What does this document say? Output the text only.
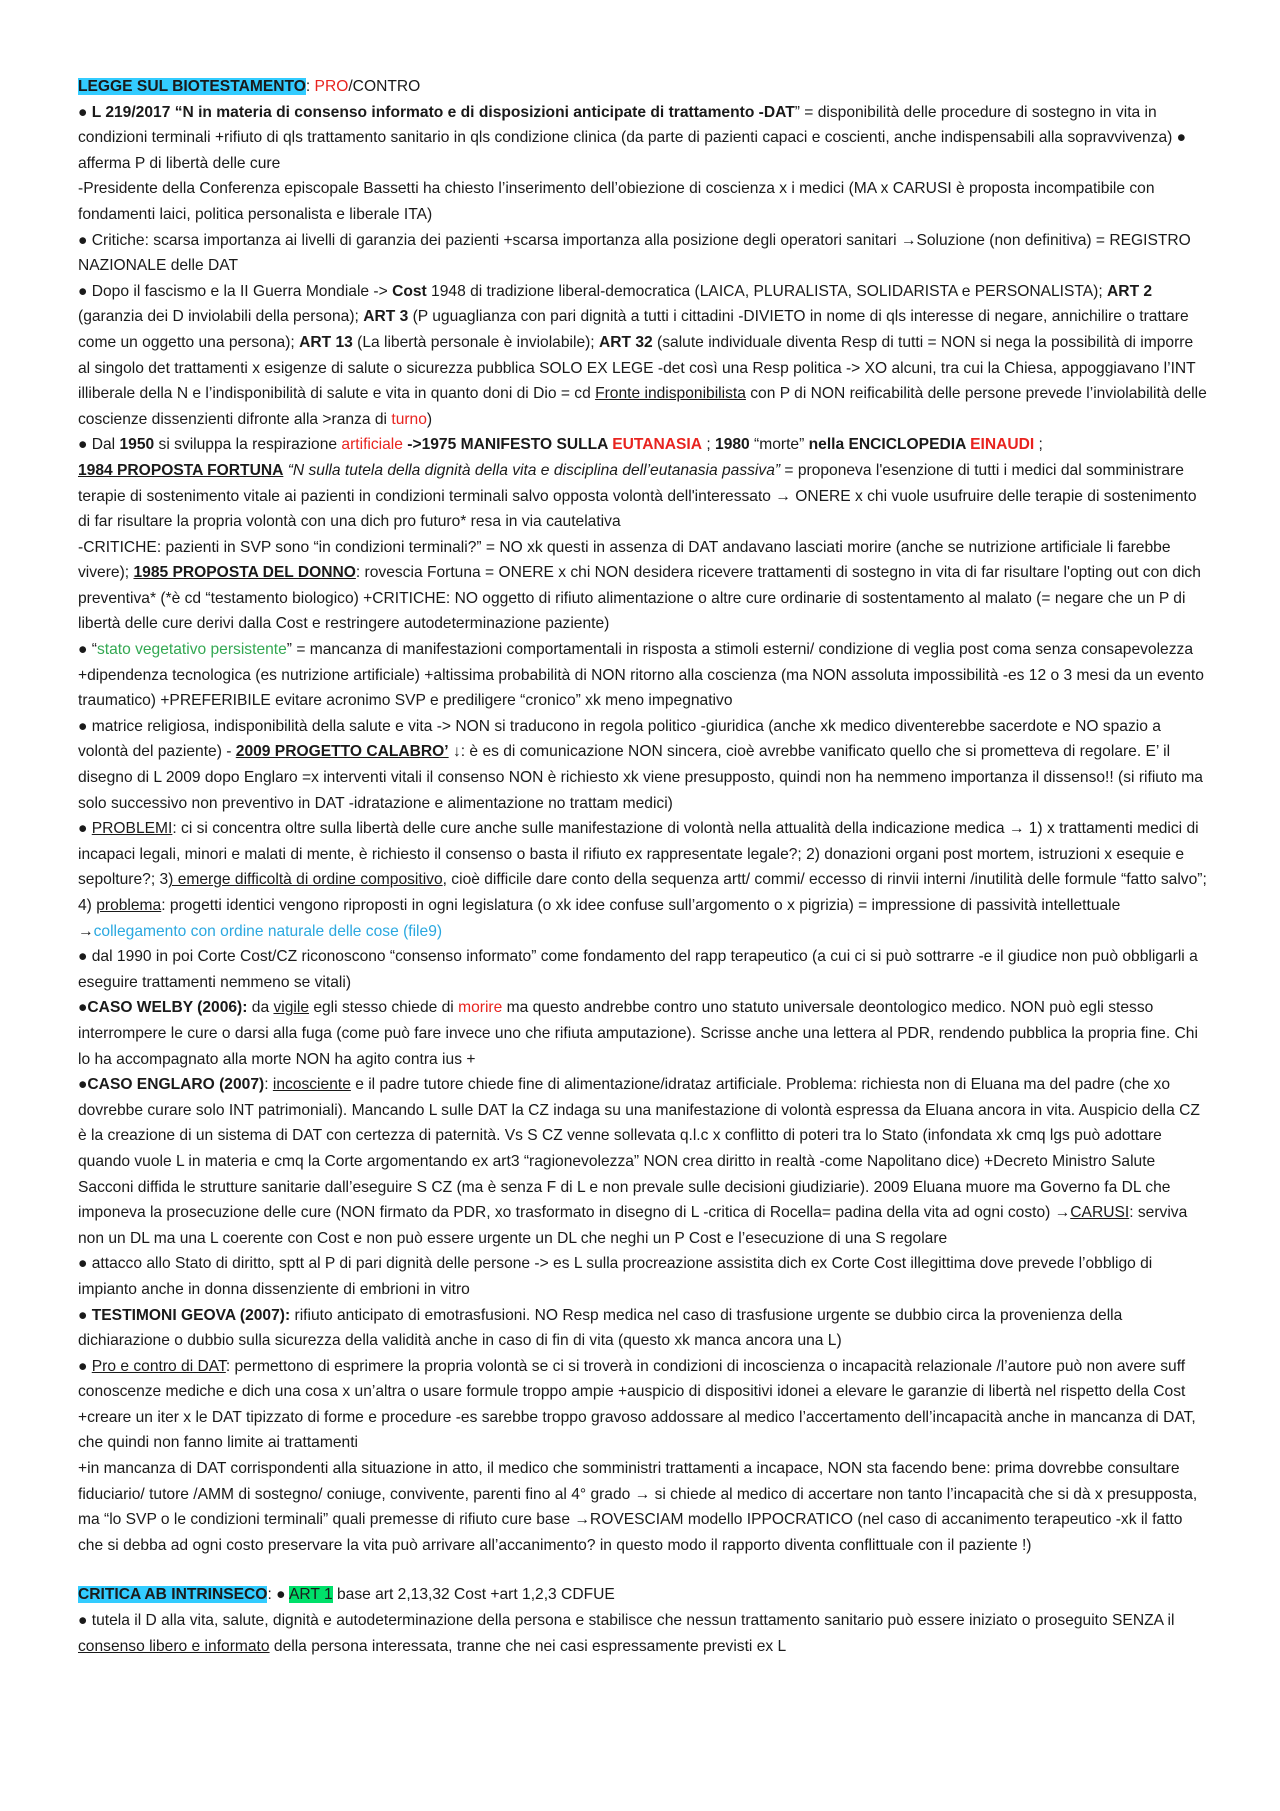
LEGGE SUL BIOTESTAMENTO: PRO/CONTRO

● L 219/2017 “N in materia di consenso informato e di disposizioni anticipate di trattamento -DAT” = disponibilità delle procedure di sostegno in vita in condizioni terminali +rifiuto di qls trattamento sanitario in qls condizione clinica (da parte di pazienti capaci e coscienti, anche indispensabili alla sopravvivenza) ● afferma P di libertà delle cure

-Presidente della Conferenza episcopale Bassetti ha chiesto l’inserimento dell’obiezione di coscienza x i medici (MA x CARUSI è proposta incompatibile con fondamenti laici, politica personalista e liberale ITA)

● Critiche: scarsa importanza ai livelli di garanzia dei pazienti +scarsa importanza alla posizione degli operatori sanitari →Soluzione (non definitiva) = REGISTRO NAZIONALE delle DAT

● Dopo il fascismo e la II Guerra Mondiale -> Cost 1948 di tradizione liberal-democratica (LAICA, PLURALISTA, SOLIDARISTA e PERSONALISTA); ART 2 (garanzia dei D inviolabili della persona); ART 3 (P uguaglianza con pari dignità a tutti i cittadini -DIVIETO in nome di qls interesse di negare, annichilire o trattare come un oggetto una persona); ART 13 (La libertà personale è inviolabile); ART 32 (salute individuale diventa Resp di tutti = NON si nega la possibilità di imporre al singolo det trattamenti x esigenze di salute o sicurezza pubblica SOLO EX LEGE -det così una Resp politica -> XO alcuni, tra cui la Chiesa, appoggiavano l’INT illiberale della N e l’indisponibilità di salute e vita in quanto doni di Dio = cd Fronte indisponibilista con P di NON reificabilità delle persone prevede l’inviolabilità delle coscienze dissenzienti difronte alla >ranza di turno)

● Dal 1950 si sviluppa la respirazione artificiale ->1975 MANIFESTO SULLA EUTANASIA ; 1980 “morte” nella ENCICLOPEDIA EINAUDI ;

1984 PROPOSTA FORTUNA “N sulla tutela della dignità della vita e disciplina dell’eutanasia passiva” = proponeva l'esenzione di tutti i medici dal somministrare terapie di sostenimento vitale ai pazienti in condizioni terminali salvo opposta volontà dell'interessato → ONERE x chi vuole usufruire delle terapie di sostenimento di far risultare la propria volontà con una dich pro futuro* resa in via cautelativa

-CRITICHE: pazienti in SVP sono “in condizioni terminali?” = NO xk questi in assenza di DAT andavano lasciati morire (anche se nutrizione artificiale li farebbe vivere); 1985 PROPOSTA DEL DONNO: rovescia Fortuna = ONERE x chi NON desidera ricevere trattamenti di sostegno in vita di far risultare l'opting out con dich preventiva* (*è cd “testamento biologico) +CRITICHE: NO oggetto di rifiuto alimentazione o altre cure ordinarie di sostentamento al malato (= negare che un P di libertà delle cure derivi dalla Cost e restringere autodeterminazione paziente)

● “stato vegetativo persistente” = mancanza di manifestazioni comportamentali in risposta a stimoli esterni/ condizione di veglia post coma senza consapevolezza +dipendenza tecnologica (es nutrizione artificiale) +altissima probabilità di NON ritorno alla coscienza (ma NON assoluta impossibilità -es 12 o 3 mesi da un evento traumatico) +PREFERIBILE evitare acronimo SVP e prediligere “cronico” xk meno impegnativo

● matrice religiosa, indisponibilità della salute e vita -> NON si traducono in regola politico -giuridica (anche xk medico diventerebbe sacerdote e NO spazio a volontà del paziente) - 2009 PROGETTO CALABRO’ ↓: è es di comunicazione NON sincera, cioè avrebbe vanificato quello che si prometteva di regolare. E’ il disegno di L 2009 dopo Englaro =x interventi vitali il consenso NON è richiesto xk viene presupposto, quindi non ha nemmeno importanza il dissenso!! (si rifiuto ma solo successivo non preventivo in DAT -idratazione e alimentazione no trattam medici)

● PROBLEMI: ci si concentra oltre sulla libertà delle cure anche sulle manifestazione di volontà nella attualità della indicazione medica → 1) x trattamenti medici di incapaci legali, minori e malati di mente, è richiesto il consenso o basta il rifiuto ex rappresentate legale?; 2) donazioni organi post mortem, istruzioni x esequie e sepolture?; 3) emerge difficoltà di ordine compositivo, cioè difficile dare conto della sequenza artt/ commi/ eccesso di rinvii interni /inutilità delle formule “fatto salvo”; 4) problema: progetti identici vengono riproposti in ogni legislatura (o xk idee confuse sull’argomento o x pigrizia) = impressione di passività intellettuale →collegamento con ordine naturale delle cose (file9)

● dal 1990 in poi Corte Cost/CZ riconoscono “consenso informato” come fondamento del rapp terapeutico (a cui ci si può sottrarre -e il giudice non può obbligarli a eseguire trattamenti nemmeno se vitali)

●CASO WELBY (2006): da vigile egli stesso chiede di morire ma questo andrebbe contro uno statuto universale deontologico medico. NON può egli stesso interrompere le cure o darsi alla fuga (come può fare invece uno che rifiuta amputazione). Scrisse anche una lettera al PDR, rendendo pubblica la propria fine. Chi lo ha accompagnato alla morte NON ha agito contra ius +

●CASO ENGLARO (2007): incosciente e il padre tutore chiede fine di alimentazione/idrataz artificiale. Problema: richiesta non di Eluana ma del padre (che xo dovrebbe curare solo INT patrimoniali). Mancando L sulle DAT la CZ indaga su una manifestazione di volontà espressa da Eluana ancora in vita. Auspicio della CZ è la creazione di un sistema di DAT con certezza di paternità. Vs S CZ venne sollevata q.l.c x conflitto di poteri tra lo Stato (infondata xk cmq lgs può adottare quando vuole L in materia e cmq la Corte argomentando ex art3 “ragionevolezza” NON crea diritto in realtà -come Napolitano dice) +Decreto Ministro Salute Sacconi diffida le strutture sanitarie dall’eseguire S CZ (ma è senza F di L e non prevale sulle decisioni giudiziarie). 2009 Eluana muore ma Governo fa DL che imponeva la prosecuzione delle cure (NON firmato da PDR, xo trasformato in disegno di L -critica di Rocella= padina della vita ad ogni costo) →CARUSI: serviva non un DL ma una L coerente con Cost e non può essere urgente un DL che neghi un P Cost e l’esecuzione di una S regolare

● attacco allo Stato di diritto, sptt al P di pari dignità delle persone -> es L sulla procreazione assistita dich ex Corte Cost illegittima dove prevede l’obbligo di impianto anche in donna dissenziente di embrioni in vitro

● TESTIMONI GEOVA (2007): rifiuto anticipato di emotrasfusioni. NO Resp medica nel caso di trasfusione urgente se dubbio circa la provenienza della dichiarazione o dubbio sulla sicurezza della validità anche in caso di fin di vita (questo xk manca ancora una L)

● Pro e contro di DAT: permettono di esprimere la propria volontà se ci si troverà in condizioni di incoscienza o incapacità relazionale /l’autore può non avere suff conoscenze mediche e dich una cosa x un’altra o usare formule troppo ampie +auspicio di dispositivi idonei a elevare le garanzie di libertà nel rispetto della Cost +creare un iter x le DAT tipizzato di forme e procedure -es sarebbe troppo gravoso addossare al medico l’accertamento dell’incapacità anche in mancanza di DAT, che quindi non fanno limite ai trattamenti

+in mancanza di DAT corrispondenti alla situazione in atto, il medico che somministri trattamenti a incapace, NON sta facendo bene: prima dovrebbe consultare fiduciario/ tutore /AMM di sostegno/ coniuge, convivente, parenti fino al 4° grado → si chiede al medico di accertare non tanto l’incapacità che si dà x presupposta, ma “lo SVP o le condizioni terminali” quali premesse di rifiuto cure base →ROVESCIAM modello IPPOCRATICO (nel caso di accanimento terapeutico -xk il fatto che si debba ad ogni costo preservare la vita può arrivare all’accanimento? in questo modo il rapporto diventa conflittuale con il paziente !)

CRITICA AB INTRINSECO: ● ART 1 base art 2,13,32 Cost +art 1,2,3 CDFUE

● tutela il D alla vita, salute, dignità e autodeterminazione della persona e stabilisce che nessun trattamento sanitario può essere iniziato o proseguito SENZA il consenso libero e informato della persona interessata, tranne che nei casi espressamente previsti ex L
